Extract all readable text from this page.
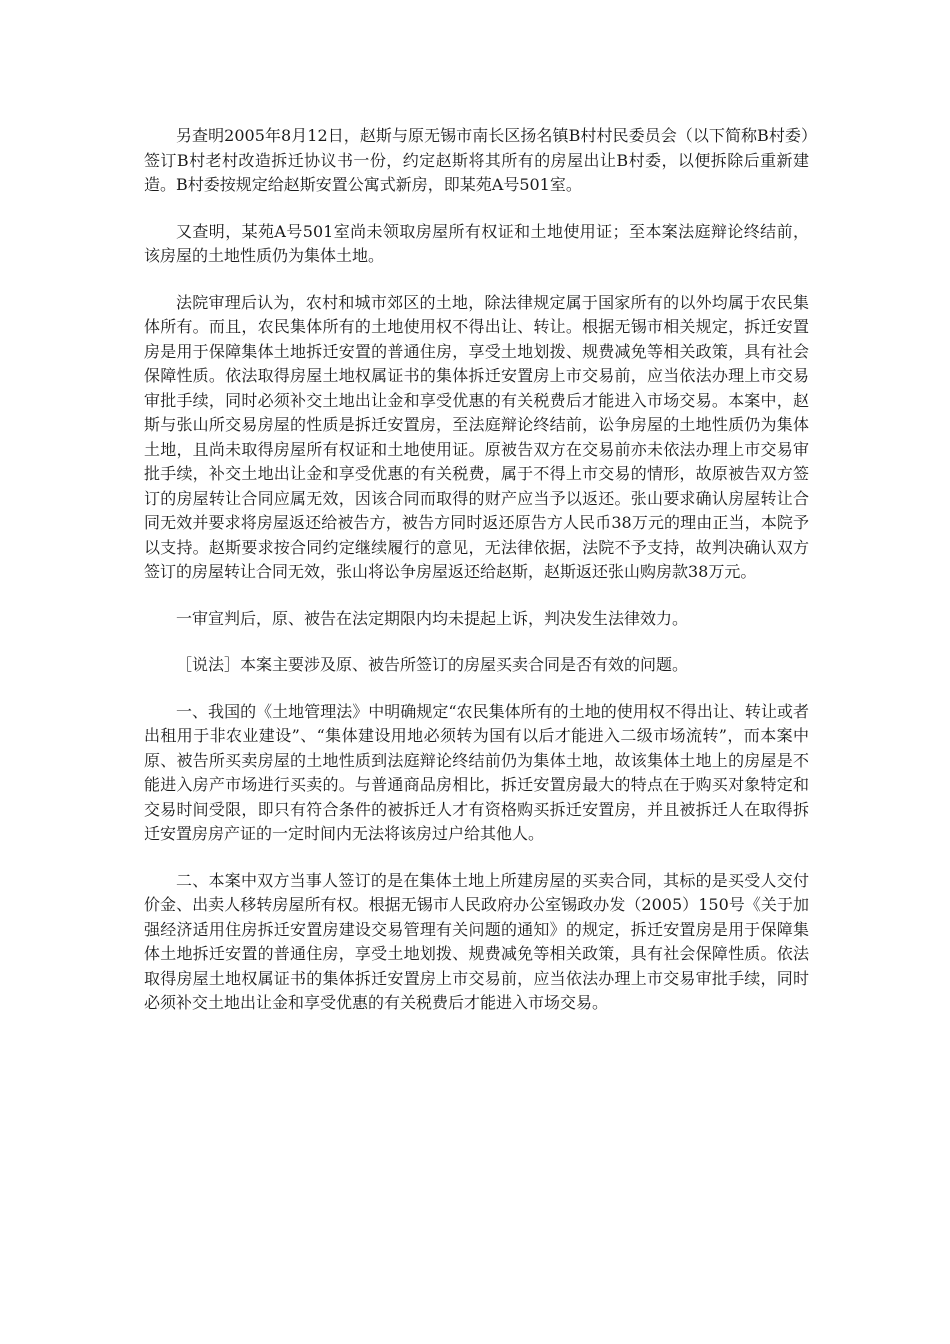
另查明2005年8月12日，赵斯与原无锡市南长区扬名镇B村村民委员会（以下简称B村委）签订B村老村改造拆迁协议书一份，约定赵斯将其所有的房屋出让B村委，以便拆除后重新建造。B村委按规定给赵斯安置公寓式新房，即某苑A号501室。

又查明，某苑A号501室尚未领取房屋所有权证和土地使用证；至本案法庭辩论终结前，该房屋的土地性质仍为集体土地。

法院审理后认为，农村和城市郊区的土地，除法律规定属于国家所有的以外均属于农民集体所有。而且，农民集体所有的土地使用权不得出让、转让。根据无锡市相关规定，拆迁安置房是用于保障集体土地拆迁安置的普通住房，享受土地划拨、规费减免等相关政策，具有社会保障性质。依法取得房屋土地权属证书的集体拆迁安置房上市交易前，应当依法办理上市交易审批手续，同时必须补交土地出让金和享受优惠的有关税费后才能进入市场交易。本案中，赵斯与张山所交易房屋的性质是拆迁安置房，至法庭辩论终结前，讼争房屋的土地性质仍为集体土地，且尚未取得房屋所有权证和土地使用证。原被告双方在交易前亦未依法办理上市交易审批手续，补交土地出让金和享受优惠的有关税费，属于不得上市交易的情形，故原被告双方签订的房屋转让合同应属无效，因该合同而取得的财产应当予以返还。张山要求确认房屋转让合同无效并要求将房屋返还给被告方，被告方同时返还原告方人民币38万元的理由正当，本院予以支持。赵斯要求按合同约定继续履行的意见，无法律依据，法院不予支持，故判决确认双方签订的房屋转让合同无效，张山将讼争房屋返还给赵斯，赵斯返还张山购房款38万元。

一审宣判后，原、被告在法定期限内均未提起上诉，判决发生法律效力。

［说法］本案主要涉及原、被告所签订的房屋买卖合同是否有效的问题。

一、我国的《土地管理法》中明确规定“农民集体所有的土地的使用权不得出让、转让或者出租用于非农业建设”、“集体建设用地必须转为国有以后才能进入二级市场流转”，而本案中原、被告所买卖房屋的土地性质到法庭辩论终结前仍为集体土地，故该集体土地上的房屋是不能进入房产市场进行买卖的。与普通商品房相比，拆迁安置房最大的特点在于购买对象特定和交易时间受限，即只有符合条件的被拆迁人才有资格购买拆迁安置房，并且被拆迁人在取得拆迁安置房房产证的一定时间内无法将该房过户给其他人。

二、本案中双方当事人签订的是在集体土地上所建房屋的买卖合同，其标的是买受人交付价金、出卖人移转房屋所有权。根据无锡市人民政府办公室锡政办发（2005）150号《关于加强经济适用住房拆迁安置房建设交易管理有关问题的通知》的规定，拆迁安置房是用于保障集体土地拆迁安置的普通住房，享受土地划拨、规费减免等相关政策，具有社会保障性质。依法取得房屋土地权属证书的集体拆迁安置房上市交易前，应当依法办理上市交易审批手续，同时必须补交土地出让金和享受优惠的有关税费后才能进入市场交易。
